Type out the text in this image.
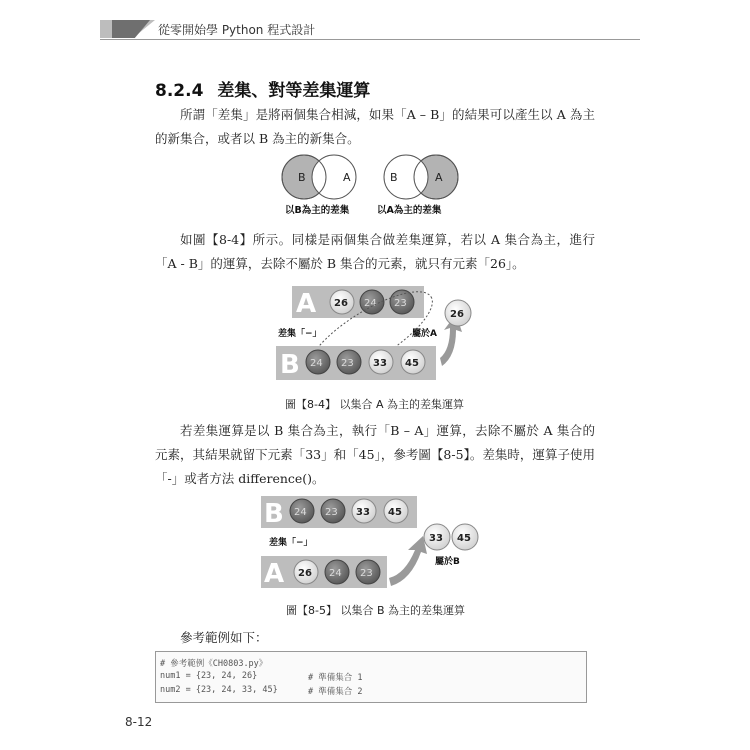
從零開始學 Python 程式設計
8.2.4 差集、對等差集運算
所謂「差集」是將兩個集合相減，如果「A – B」的結果可以產生以 A 為主的新集合，或者以 B 為主的新集合。
B	A
以B為主的差集
B	A
以A為主的差集
如圖【8-4】所示。同樣是兩個集合做差集運算，若以 A 集合為主，進行「A - B」的運算，去除不屬於 B 集合的元素，就只有元素「26」。
A 26 24 23
差集「−」	屬於A
B 24 23 33 45
26
圖【8-4】 以集合 A 為主的差集運算
若差集運算是以 B 集合為主，執行「B – A」運算，去除不屬於 A 集合的元素，其結果就留下元素「33」和「45」，參考圖【8-5】。差集時，運算子使用「-」或者方法 difference()。
B 24 23 33 45
差集「−」
A 26 24 23
33 45
屬於B
圖【8-5】 以集合 B 為主的差集運算
參考範例如下：
# 參考範例《CH0803.py》
num1 = {23, 24, 26}	# 準備集合 1
num2 = {23, 24, 33, 45}	# 準備集合 2
8-12
